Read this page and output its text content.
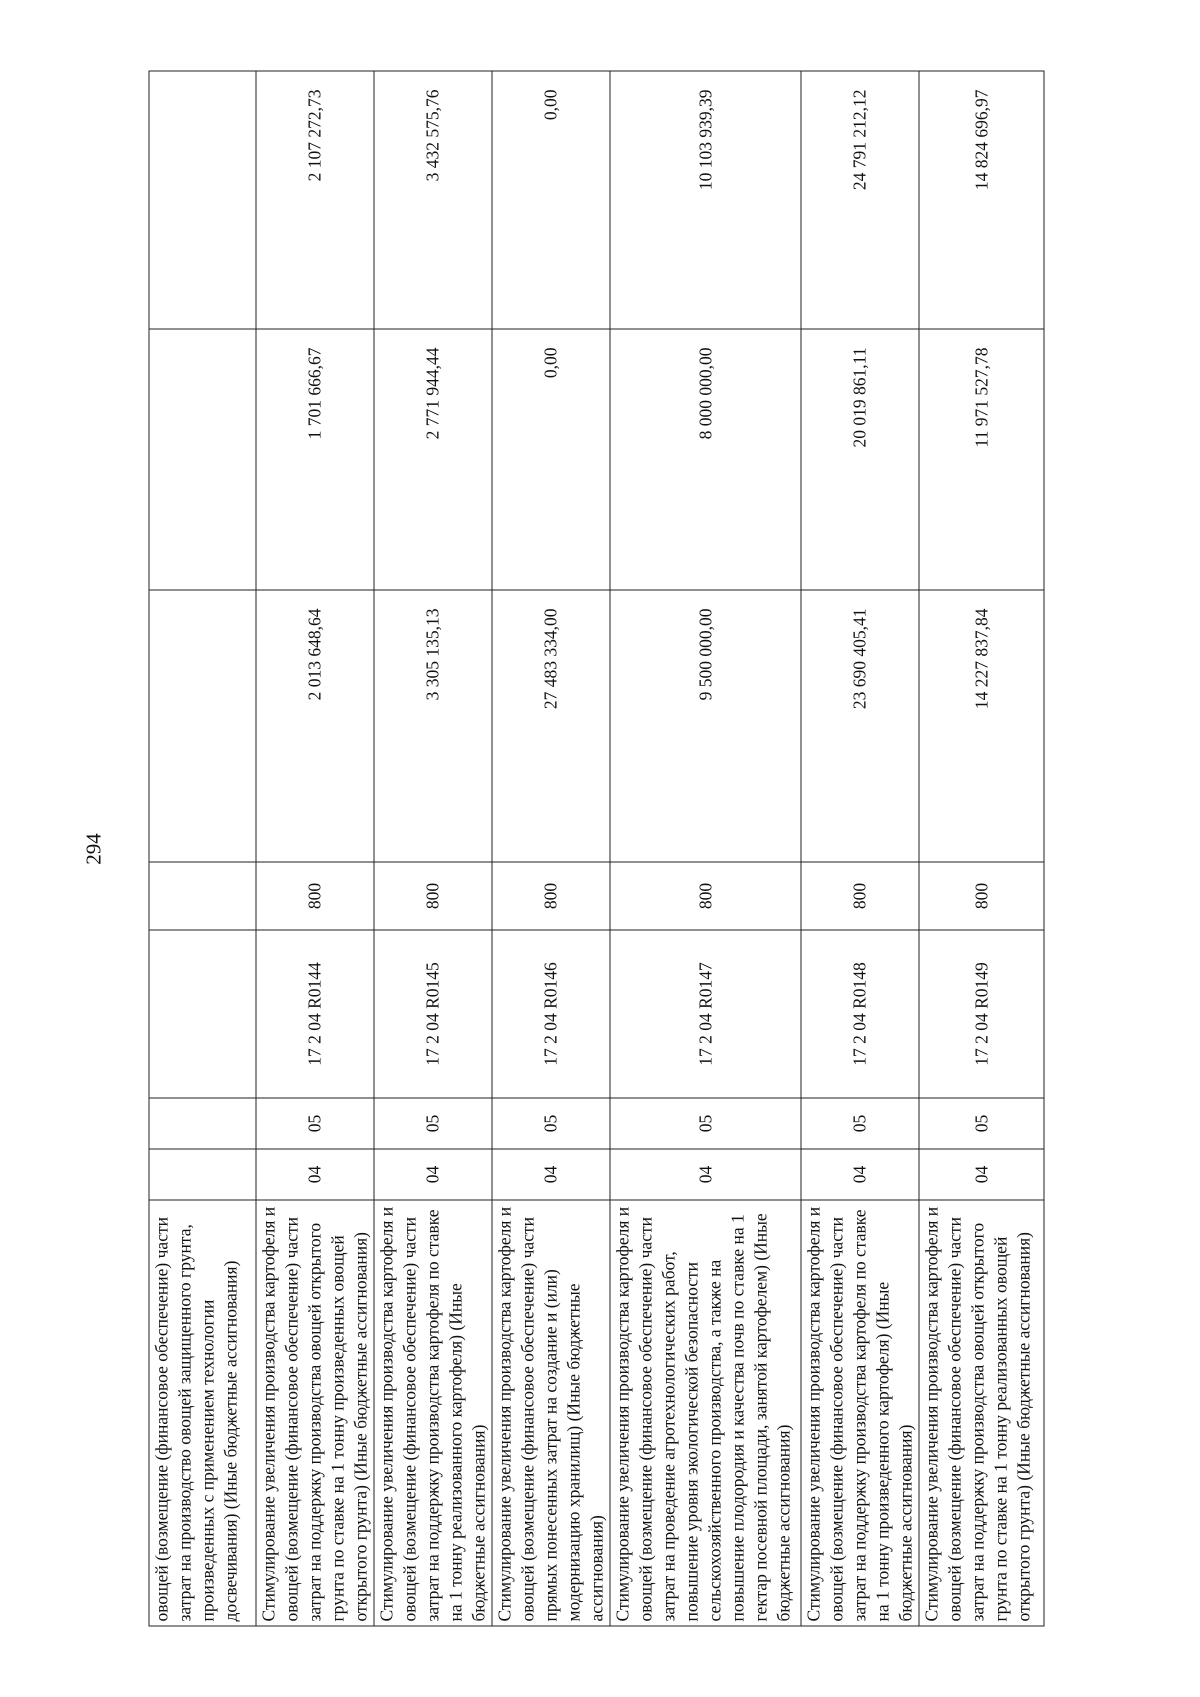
294
овощей (возмещение (финансовое обеспечение) части затрат на производство овощей защищенного грунта, произведенных с применением технологии досвечивания) (Иные бюджетные ассигнования)							
Стимулирование увеличения производства картофеля и овощей (возмещение (финансовое обеспечение) части затрат на поддержку производства овощей открытого грунта по ставке на 1 тонну произведенных овощей открытого грунта) (Иные бюджетные ассигнования)	04	05	17 2 04 R0144	800	2 013 648,64	1 701 666,67	2 107 272,73
Стимулирование увеличения производства картофеля и овощей (возмещение (финансовое обеспечение) части затрат на поддержку производства картофеля по ставке на 1 тонну реализованного картофеля) (Иные бюджетные ассигнования)	04	05	17 2 04 R0145	800	3 305 135,13	2 771 944,44	3 432 575,76
Стимулирование увеличения производства картофеля и овощей (возмещение (финансовое обеспечение) части прямых понесенных затрат на создание и (или) модернизацию хранилищ) (Иные бюджетные ассигнования)	04	05	17 2 04 R0146	800	27 483 334,00	0,00	0,00
Стимулирование увеличения производства картофеля и овощей (возмещение (финансовое обеспечение) части затрат на проведение агротехнологических работ, повышение уровня экологической безопасности сельскохозяйственного производства, а также на повышение плодородия и качества почв по ставке на 1 гектар посевной площади, занятой картофелем) (Иные бюджетные ассигнования)	04	05	17 2 04 R0147	800	9 500 000,00	8 000 000,00	10 103 939,39
Стимулирование увеличения производства картофеля и овощей (возмещение (финансовое обеспечение) части затрат на поддержку производства картофеля по ставке на 1 тонну произведенного картофеля) (Иные бюджетные ассигнования)	04	05	17 2 04 R0148	800	23 690 405,41	20 019 861,11	24 791 212,12
Стимулирование увеличения производства картофеля и овощей (возмещение (финансовое обеспечение) части затрат на поддержку производства овощей открытого грунта по ставке на 1 тонну реализованных овощей открытого грунта) (Иные бюджетные ассигнования)	04	05	17 2 04 R0149	800	14 227 837,84	11 971 527,78	14 824 696,97
